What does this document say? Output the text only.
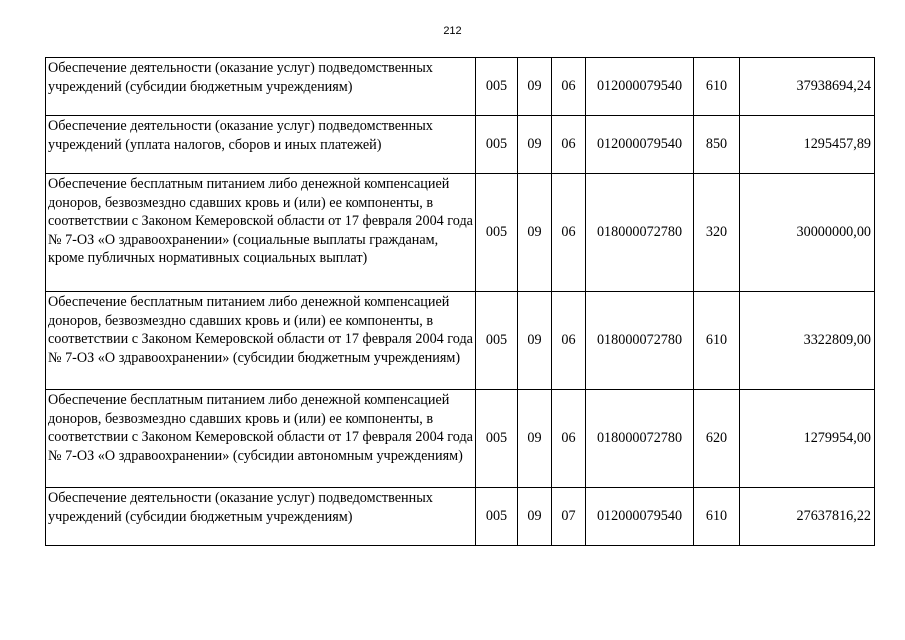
212
Обеспечение деятельности (оказание услуг) подведомственных учреждений (субсидии бюджетным учреждениям)	005	09	06	012000079540	610	37938694,24
Обеспечение деятельности (оказание услуг) подведомственных учреждений (уплата налогов, сборов и иных платежей)	005	09	06	012000079540	850	1295457,89
Обеспечение бесплатным питанием либо денежной компенсацией доноров, безвозмездно сдавших кровь и (или) ее компоненты, в соответствии с Законом Кемеровской области от 17 февраля 2004 года № 7-ОЗ «О здравоохранении» (социальные выплаты гражданам, кроме публичных нормативных социальных выплат)	005	09	06	018000072780	320	30000000,00
Обеспечение бесплатным питанием либо денежной компенсацией доноров, безвозмездно сдавших кровь и (или) ее компоненты, в соответствии с Законом Кемеровской области от 17 февраля 2004 года № 7-ОЗ «О здравоохранении» (субсидии бюджетным учреждениям)	005	09	06	018000072780	610	3322809,00
Обеспечение бесплатным питанием либо денежной компенсацией доноров, безвозмездно сдавших кровь и (или) ее компоненты, в соответствии с Законом Кемеровской области от 17 февраля 2004 года № 7-ОЗ «О здравоохранении» (субсидии автономным учреждениям)	005	09	06	018000072780	620	1279954,00
Обеспечение деятельности (оказание услуг) подведомственных учреждений (субсидии бюджетным учреждениям)	005	09	07	012000079540	610	27637816,22
